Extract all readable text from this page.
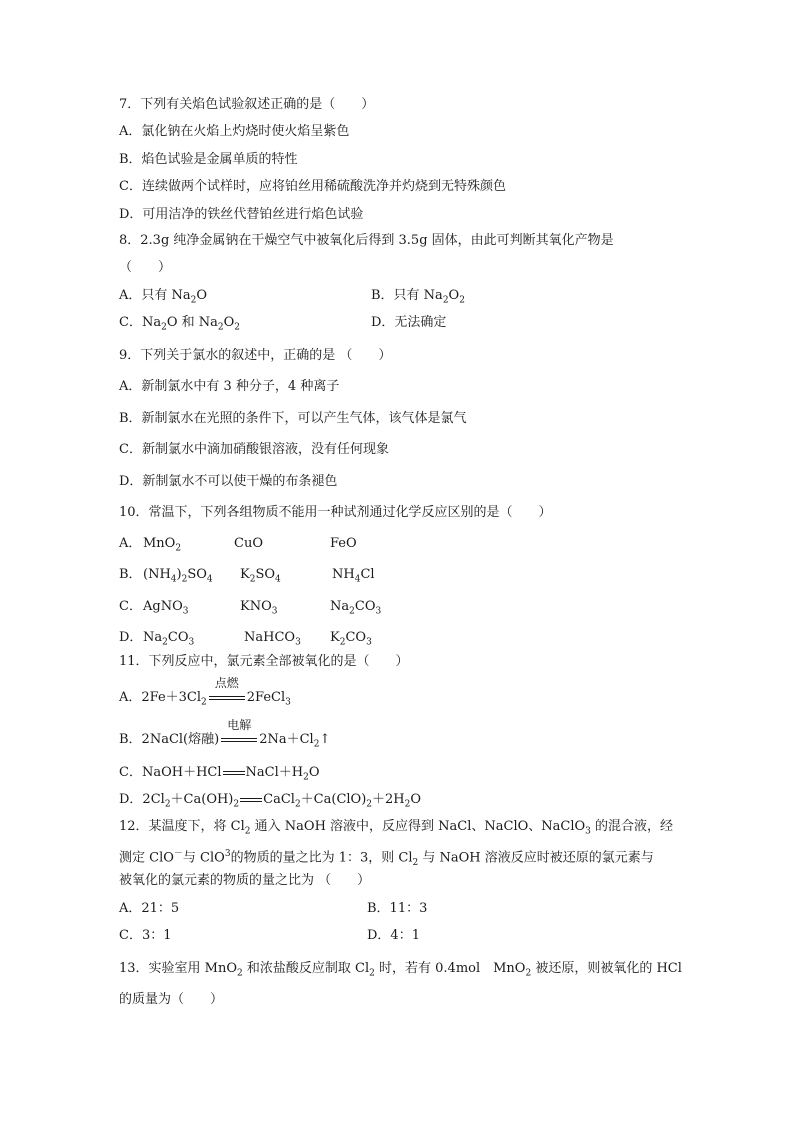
7．下列有关焰色试验叙述正确的是（　　）
A．氯化钠在火焰上灼烧时使火焰呈紫色
B．焰色试验是金属单质的特性
C．连续做两个试样时，应将铂丝用稀硫酸洗净并灼烧到无特殊颜色
D．可用洁净的铁丝代替铂丝进行焰色试验
8．2.3g 纯净金属钠在干燥空气中被氧化后得到 3.5g 固体，由此可判断其氧化产物是
（　　）
A．只有 $Na_2O$	B．只有 $Na_2O_2$
C．$Na_2O$ 和 $Na_2O_2$	D．无法确定
9．下列关于氯水的叙述中，正确的是 （　　）
A．新制氯水中有 3 种分子，4 种离子
B．新制氯水在光照的条件下，可以产生气体，该气体是氯气
C．新制氯水中滴加硝酸银溶液，没有任何现象
D．新制氯水不可以使干燥的布条褪色
10．常温下，下列各组物质不能用一种试剂通过化学反应区别的是（　　）
A． MnO$_2$	CuO	FeO
B． $(NH_4)_2SO_4$ $K_2SO_4$	$NH_4Cl$
C． AgNO$_3$	$KNO_3$	$Na_2CO_3$
D． $Na_2CO_3$	NaHCO$_3$ $K_2CO_3$
11．下列反应中，氯元素全部被氧化的是（　　）
A．$2Fe+3Cl_2$
点燃
2FeCl$_3$
B．2NaCl(熔融)
电解
$2Na+Cl_2↑$
C．NaOH＋HCl $NaCl+H_2O$
D．$2Cl_2+Ca(OH)_2$ $CaCl_2+Ca(ClO)_2+2H_2O$
12．某温度下，将 $Cl_2$ 通入 NaOH 溶液中，反应得到 NaCl、NaClO、NaClO$_3$ 的混合液，经
测定 ClO－与 ClO$^3$的物质的量之比为 1：3，则 $Cl_2$ 与 NaOH 溶液反应时被还原的氯元素与
被氧化的氯元素的物质的量之比为 （　　）
A．21：5	B．11：3
C．3：1	D．4：1
13．实验室用 MnO$_2$ 和浓盐酸反应制取 $Cl_2$ 时，若有 0.4mol　MnO$_2$ 被还原，则被氧化的 HCl
的质量为（　　）
